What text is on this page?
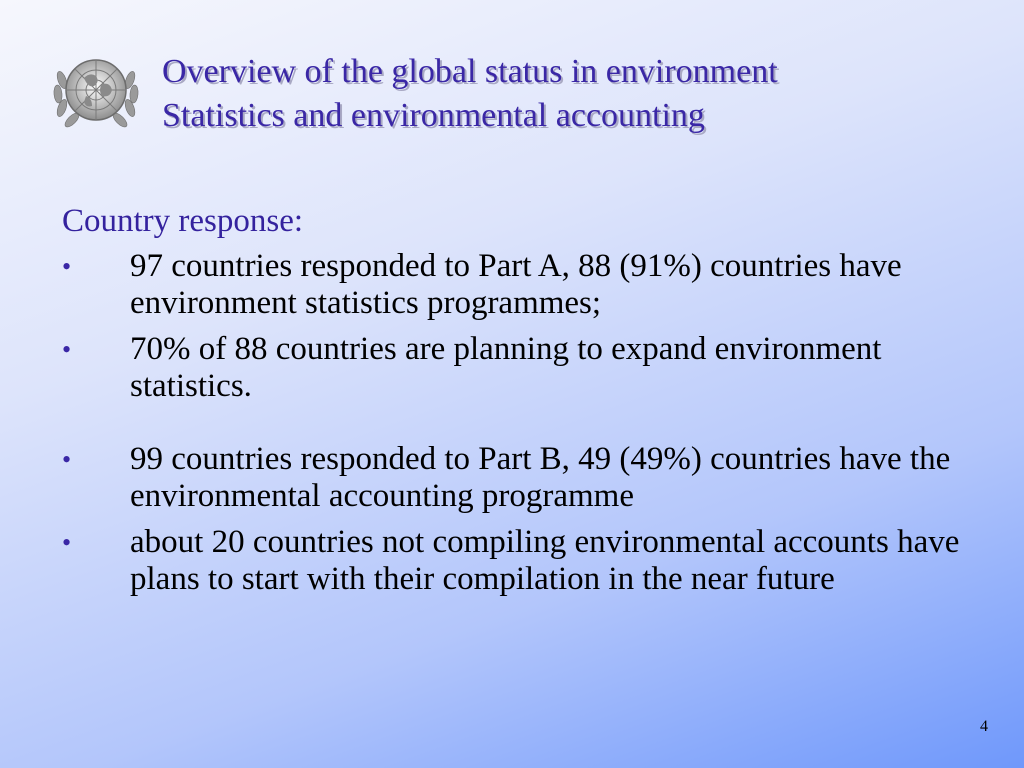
Overview of the global status in environment
Statistics and environmental accounting
Country response:
•	97 countries responded to Part A, 88 (91%) countries have environment statistics programmes;
•	70% of 88 countries are planning to expand environment statistics.
•	99 countries responded to Part B, 49 (49%) countries have the environmental accounting programme
•	about 20 countries not compiling environmental accounts have plans to start with their compilation in the near future
4
